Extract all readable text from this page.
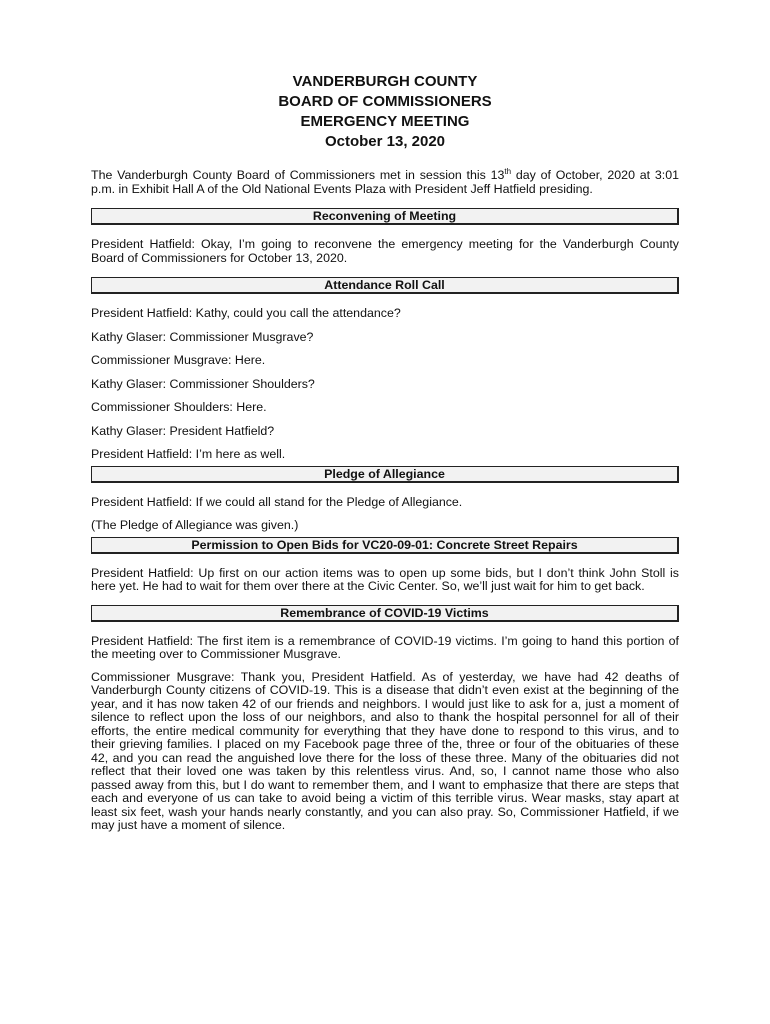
VANDERBURGH COUNTY
BOARD OF COMMISSIONERS
EMERGENCY MEETING
October 13, 2020

The Vanderburgh County Board of Commissioners met in session this 13th day of October, 2020 at 3:01 p.m. in Exhibit Hall A of the Old National Events Plaza with President Jeff Hatfield presiding.

Reconvening of Meeting

President Hatfield: Okay, I’m going to reconvene the emergency meeting for the Vanderburgh County Board of Commissioners for October 13, 2020.

Attendance Roll Call

President Hatfield: Kathy, could you call the attendance?

Kathy Glaser: Commissioner Musgrave?

Commissioner Musgrave: Here.

Kathy Glaser: Commissioner Shoulders?

Commissioner Shoulders: Here.

Kathy Glaser: President Hatfield?

President Hatfield: I’m here as well.

Pledge of Allegiance

President Hatfield: If we could all stand for the Pledge of Allegiance.

(The Pledge of Allegiance was given.)

Permission to Open Bids for VC20-09-01: Concrete Street Repairs

President Hatfield: Up first on our action items was to open up some bids, but I don’t think John Stoll is here yet. He had to wait for them over there at the Civic Center. So, we’ll just wait for him to get back.

Remembrance of COVID-19 Victims

President Hatfield: The first item is a remembrance of COVID-19 victims. I’m going to hand this portion of the meeting over to Commissioner Musgrave.

Commissioner Musgrave: Thank you, President Hatfield. As of yesterday, we have had 42 deaths of Vanderburgh County citizens of COVID-19. This is a disease that didn’t even exist at the beginning of the year, and it has now taken 42 of our friends and neighbors. I would just like to ask for a, just a moment of silence to reflect upon the loss of our neighbors, and also to thank the hospital personnel for all of their efforts, the entire medical community for everything that they have done to respond to this virus, and to their grieving families. I placed on my Facebook page three of the, three or four of the obituaries of these 42, and you can read the anguished love there for the loss of these three. Many of the obituaries did not reflect that their loved one was taken by this relentless virus. And, so, I cannot name those who also passed away from this, but I do want to remember them, and I want to emphasize that there are steps that each and everyone of us can take to avoid being a victim of this terrible virus. Wear masks, stay apart at least six feet, wash your hands nearly constantly, and you can also pray. So, Commissioner Hatfield, if we may just have a moment of silence.
